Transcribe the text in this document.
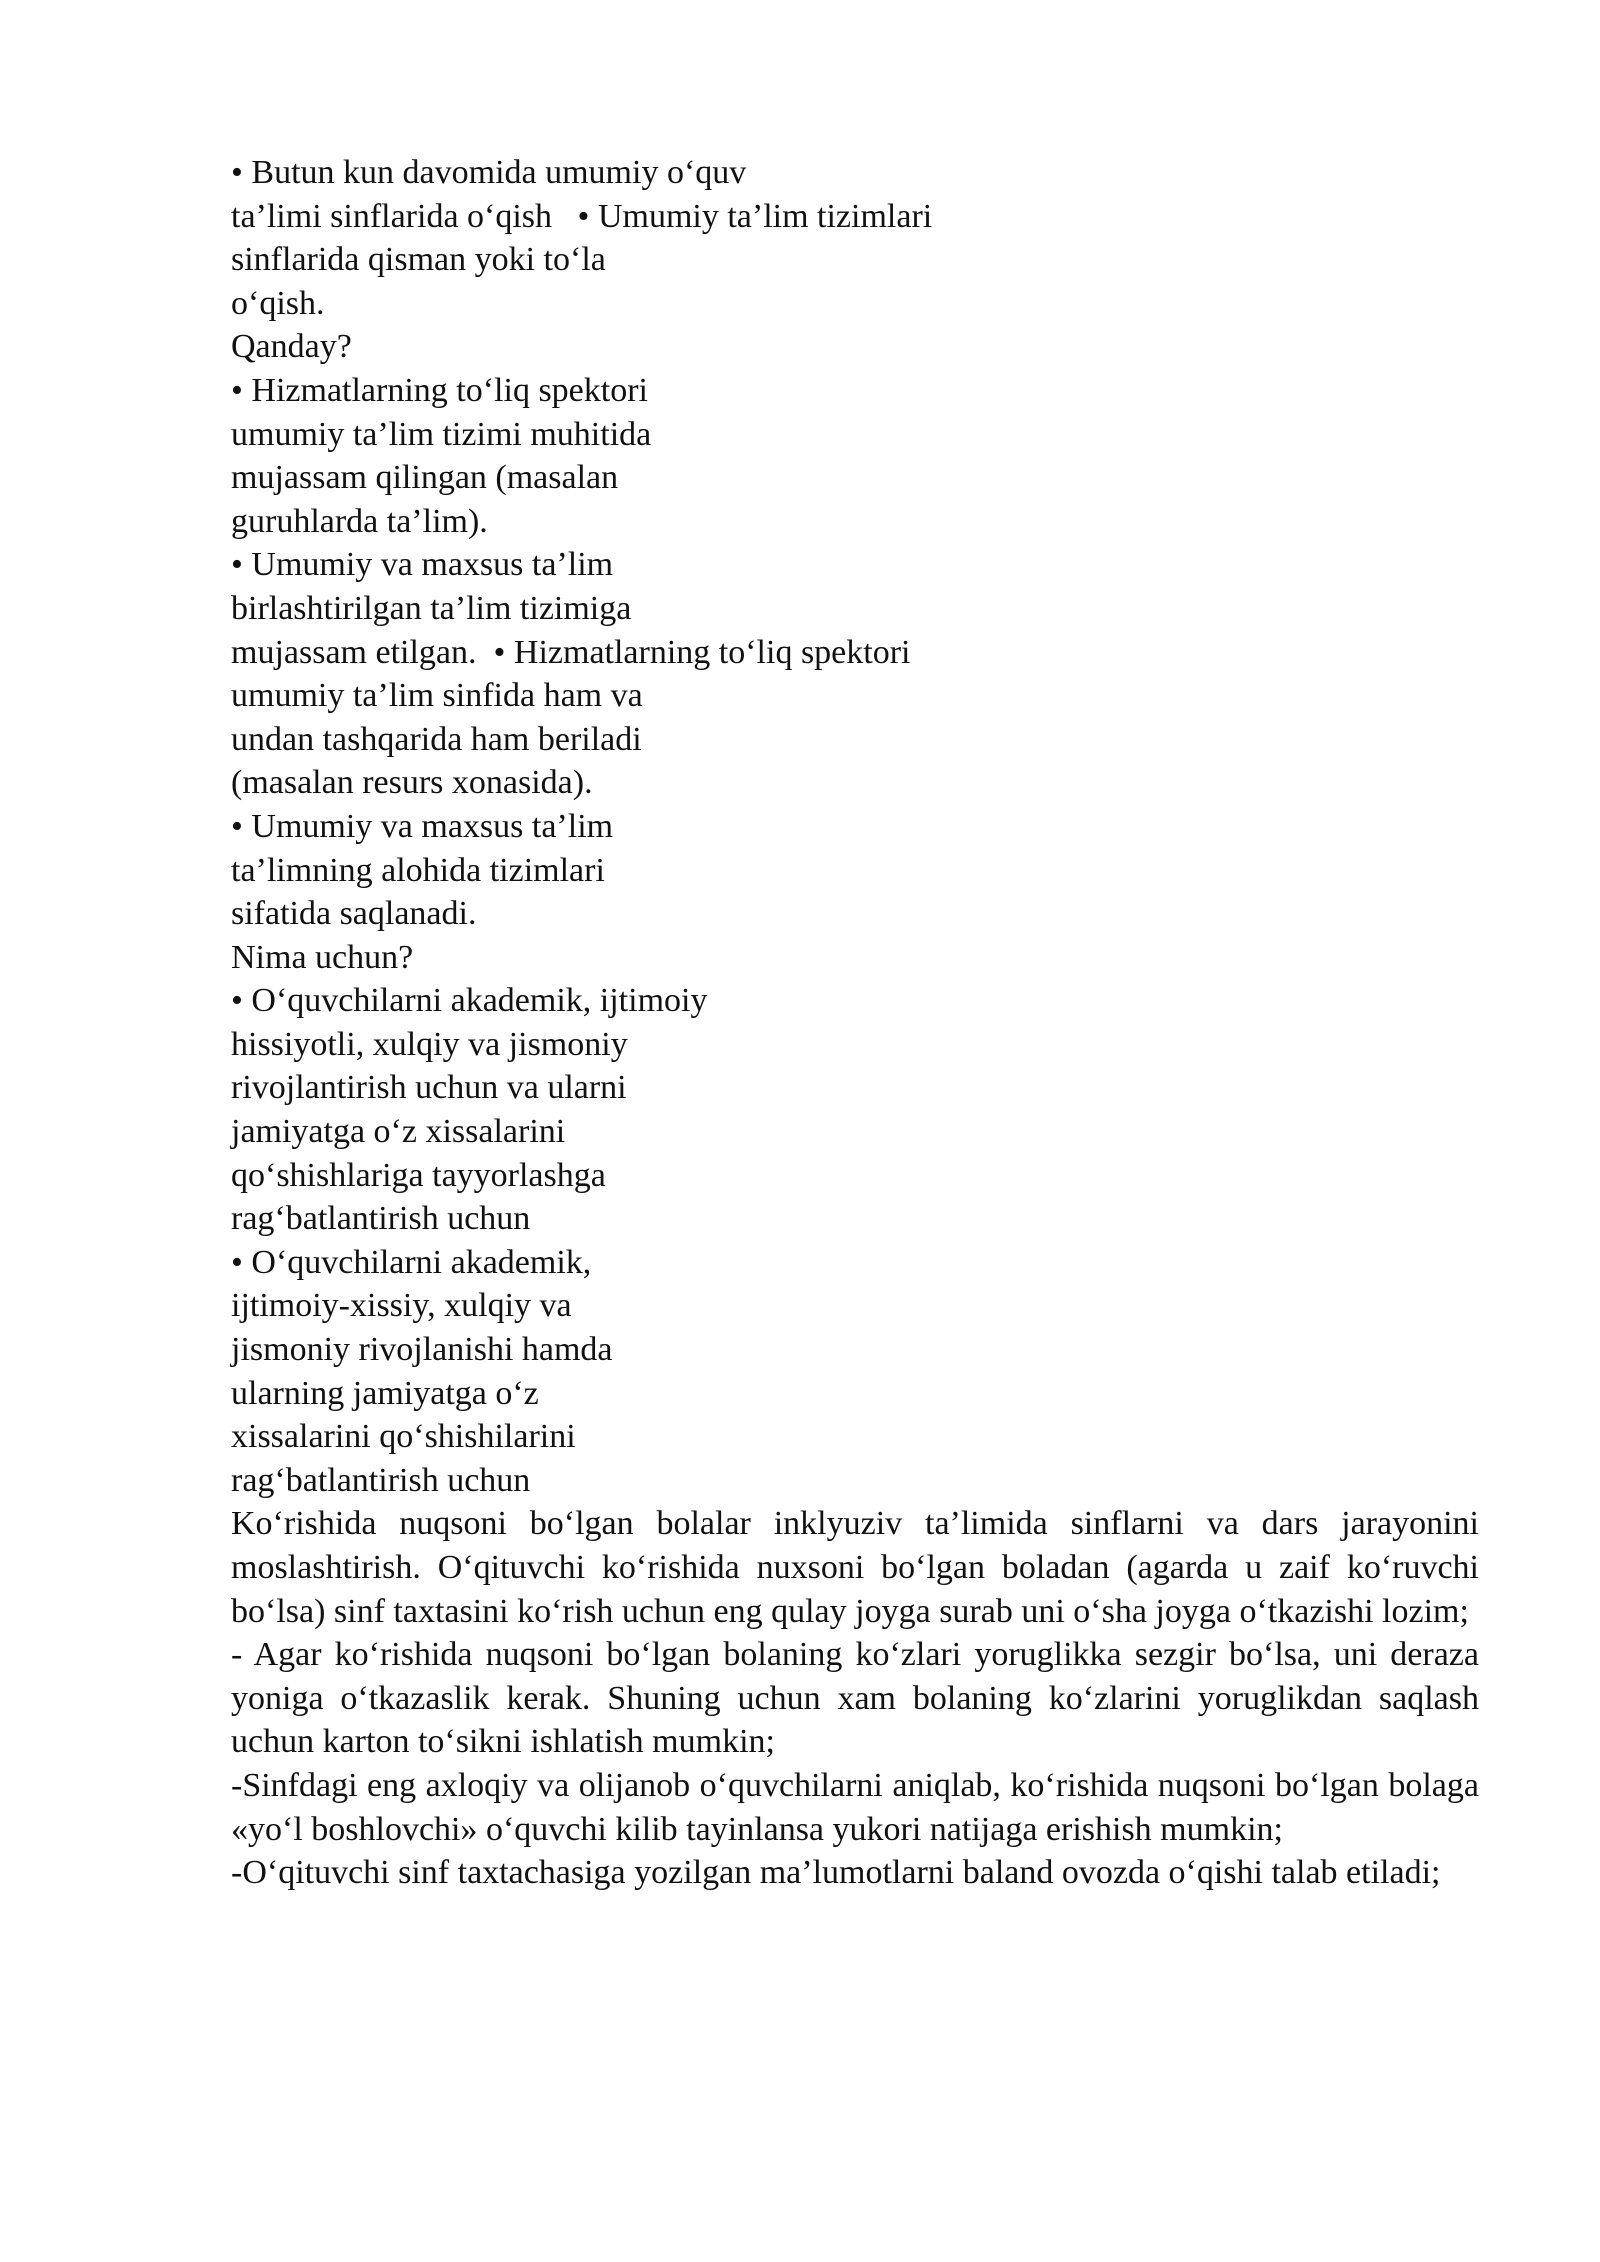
• Butun kun davomida umumiy o‘quv
ta’limi sinflarida o‘qish   • Umumiy ta’lim tizimlari
sinflarida qisman yoki to‘la
o‘qish.
Qanday?
• Hizmatlarning to‘liq spektori
umumiy ta’lim tizimi muhitida
mujassam qilingan (masalan
guruhlarda ta’lim).
• Umumiy va maxsus ta’lim
birlashtirilgan ta’lim tizimiga
mujassam etilgan.  • Hizmatlarning to‘liq spektori
umumiy ta’lim sinfida ham va
undan tashqarida ham beriladi
(masalan resurs xonasida).
• Umumiy va maxsus ta’lim
ta’limning alohida tizimlari
sifatida saqlanadi.
Nima uchun?
• O‘quvchilarni akademik, ijtimoiy
hissiyotli, xulqiy va jismoniy
rivojlantirish uchun va ularni
jamiyatga o‘z xissalarini
qo‘shishlariga tayyorlashga
rag‘batlantirish uchun
• O‘quvchilarni akademik,
ijtimoiy-xissiy, xulqiy va
jismoniy rivojlanishi hamda
ularning jamiyatga o‘z
xissalarini qo‘shishilarini
rag‘batlantirish uchun

Ko‘rishida nuqsoni bo‘lgan bolalar inklyuziv ta’limida sinflarni va dars jarayonini moslashtirish. O‘qituvchi ko‘rishida nuxsoni bo‘lgan boladan (agarda u zaif ko‘ruvchi bo‘lsa) sinf taxtasini ko‘rish uchun eng qulay joyga surab uni o‘sha joyga o‘tkazishi lozim;

- Agar ko‘rishida nuqsoni bo‘lgan bolaning ko‘zlari yoruglikka sezgir bo‘lsa, uni deraza yoniga o‘tkazaslik kerak. Shuning uchun xam bolaning ko‘zlarini yoruglikdan saqlash uchun karton to‘sikni ishlatish mumkin;

-Sinfdagi eng axloqiy va olijanob o‘quvchilarni aniqlab, ko‘rishida nuqsoni bo‘lgan bolaga «yo‘l boshlovchi» o‘quvchi kilib tayinlansa yukori natijaga erishish mumkin;

-O‘qituvchi sinf taxtachasiga yozilgan ma’lumotlarni baland ovozda o‘qishi talab etiladi;
